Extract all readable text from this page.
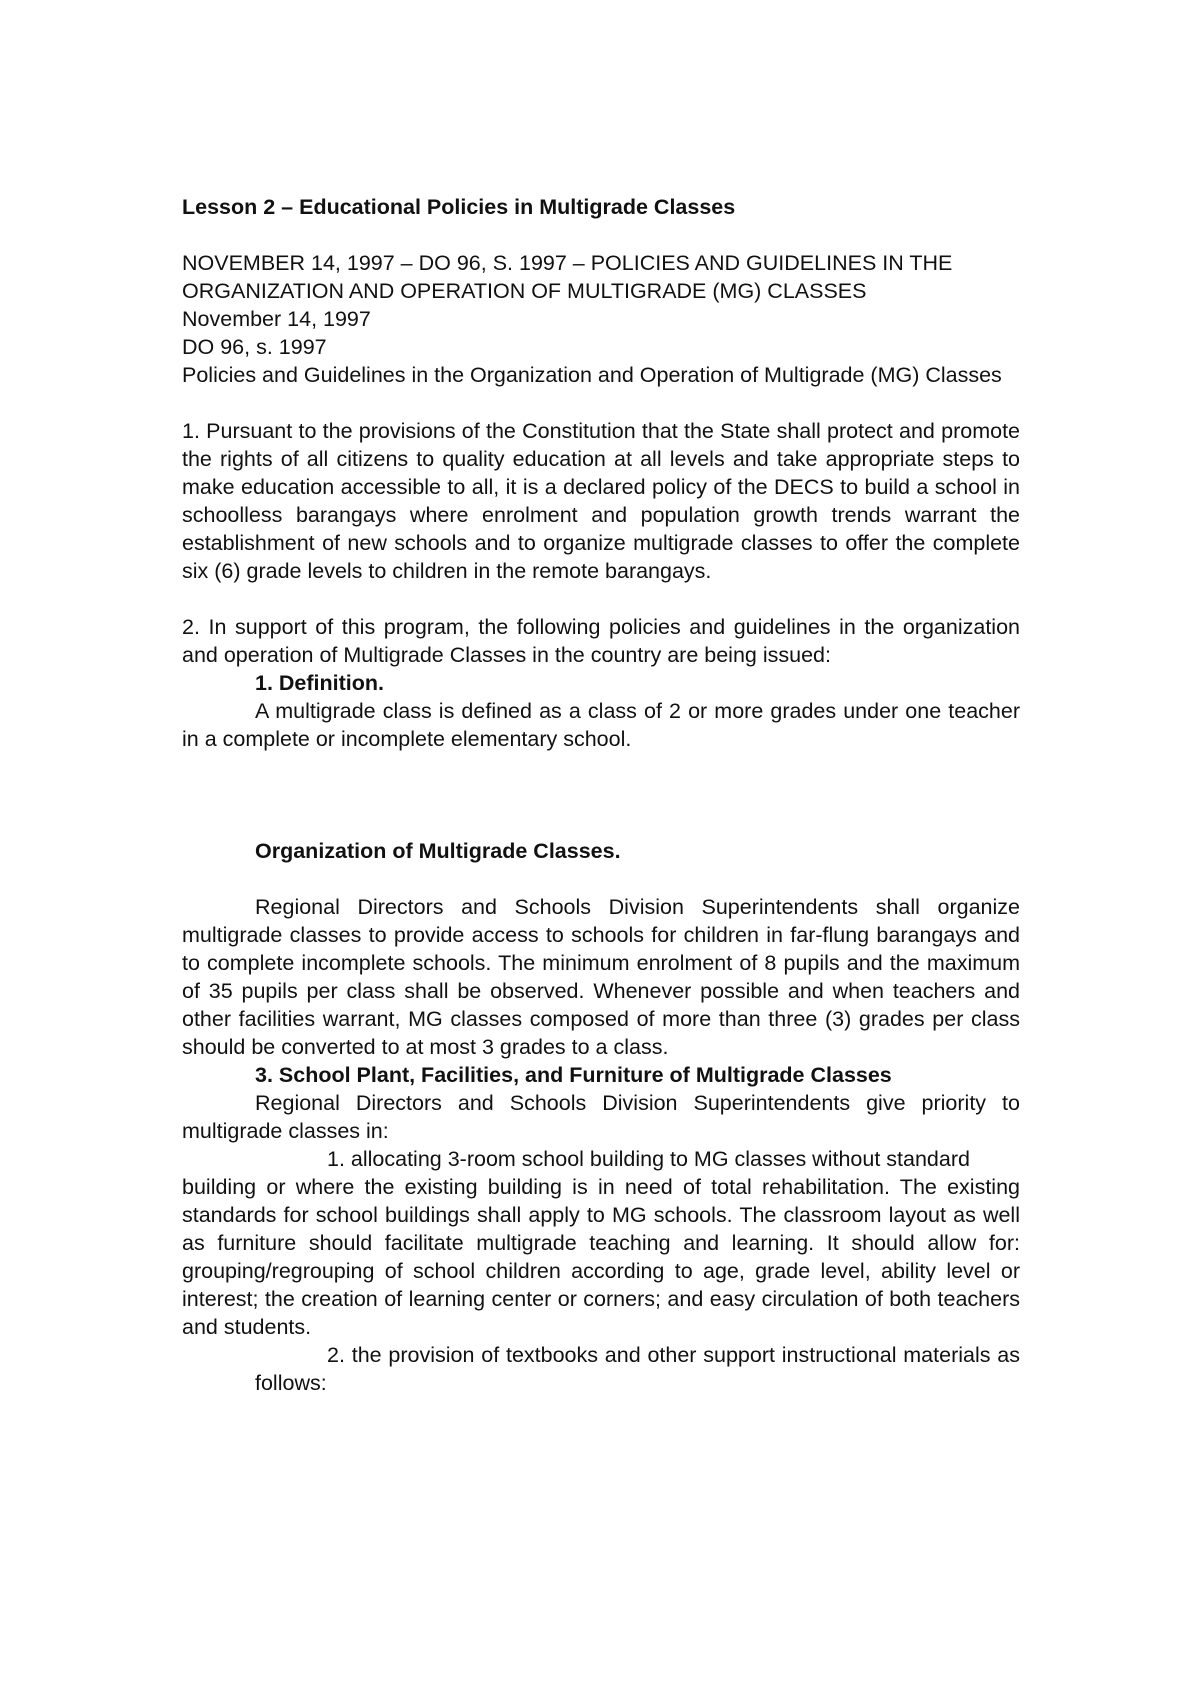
Lesson 2 – Educational Policies in Multigrade Classes

NOVEMBER 14, 1997 – DO 96, S. 1997 – POLICIES AND GUIDELINES IN THE ORGANIZATION AND OPERATION OF MULTIGRADE (MG) CLASSES

November 14, 1997

DO 96, s. 1997

Policies and Guidelines in the Organization and Operation of Multigrade (MG) Classes

1. Pursuant to the provisions of the Constitution that the State shall protect and promote the rights of all citizens to quality education at all levels and take appropriate steps to make education accessible to all, it is a declared policy of the DECS to build a school in schoolless barangays where enrolment and population growth trends warrant the establishment of new schools and to organize multigrade classes to offer the complete six (6) grade levels to children in the remote barangays.

2. In support of this program, the following policies and guidelines in the organization and operation of Multigrade Classes in the country are being issued:

1. Definition.

A multigrade class is defined as a class of 2 or more grades under one teacher in a complete or incomplete elementary school.

Organization of Multigrade Classes.

Regional Directors and Schools Division Superintendents shall organize multigrade classes to provide access to schools for children in far-flung barangays and to complete incomplete schools. The minimum enrolment of 8 pupils and the maximum of 35 pupils per class shall be observed. Whenever possible and when teachers and other facilities warrant, MG classes composed of more than three (3) grades per class should be converted to at most 3 grades to a class.

3. School Plant, Facilities, and Furniture of Multigrade Classes

Regional Directors and Schools Division Superintendents give priority to multigrade classes in:

1. allocating 3-room school building to MG classes without standard

building or where the existing building is in need of total rehabilitation. The existing standards for school buildings shall apply to MG schools. The classroom layout as well as furniture should facilitate multigrade teaching and learning. It should allow for: grouping/regrouping of school children according to age, grade level, ability level or interest; the creation of learning center or corners; and easy circulation of both teachers and students.

2. the provision of textbooks and other support instructional materials as follows:
